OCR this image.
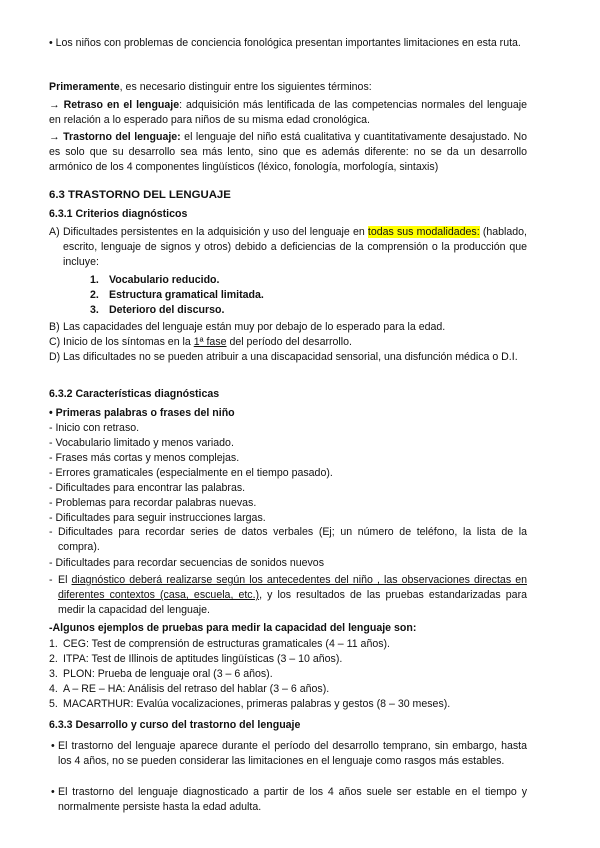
• Los niños con problemas de conciencia fonológica presentan importantes limitaciones en esta ruta.

Primeramente, es necesario distinguir entre los siguientes términos:

→ Retraso en el lenguaje: adquisición más lentificada de las competencias normales del lenguaje en relación a lo esperado para niños de su misma edad cronológica.

→ Trastorno del lenguaje: el lenguaje del niño está cualitativa y cuantitativamente desajustado. No es solo que su desarrollo sea más lento, sino que es además diferente: no se da un desarrollo armónico de los 4 componentes lingüísticos (léxico, fonología, morfología, sintaxis)

6.3 TRASTORNO DEL LENGUAJE

6.3.1 Criterios diagnósticos

A) Dificultades persistentes en la adquisición y uso del lenguaje en todas sus modalidades: (hablado, escrito, lenguaje de signos y otros) debido a deficiencias de la comprensión o la producción que incluye:

1. Vocabulario reducido.
2. Estructura gramatical limitada.
3. Deterioro del discurso.
B) Las capacidades del lenguaje están muy por debajo de lo esperado para la edad.

C) Inicio de los síntomas en la 1ª fase del período del desarrollo.

D) Las dificultades no se pueden atribuir a una discapacidad sensorial, una disfunción médica o D.I.

6.3.2 Características diagnósticas

• Primeras palabras o frases del niño

- Inicio con retraso.

- Vocabulario limitado y menos variado.

- Frases más cortas y menos complejas.

- Errores gramaticales (especialmente en el tiempo pasado).

- Dificultades para encontrar las palabras.

- Problemas para recordar palabras nuevas.

- Dificultades para seguir instrucciones largas.

- Dificultades para recordar series de datos verbales (Ej; un número de teléfono, la lista de la compra).

- Dificultades para recordar secuencias de sonidos nuevos

- El diagnóstico deberá realizarse según los antecedentes del niño , las observaciones directas en diferentes contextos (casa, escuela, etc.), y los resultados de las pruebas estandarizadas para medir la capacidad del lenguaje.

-Algunos ejemplos de pruebas para medir la capacidad del lenguaje son:

1. CEG: Test de comprensión de estructuras gramaticales (4 – 11 años).
2. ITPA: Test de Illinois de aptitudes lingüísticas (3 – 10 años).
3. PLON: Prueba de lenguaje oral (3 – 6 años).
4. A – RE – HA: Análisis del retraso del hablar (3 – 6 años).
5. MACARTHUR: Evalúa vocalizaciones, primeras palabras y gestos (8 – 30 meses).

6.3.3 Desarrollo y curso del trastorno del lenguaje

• El trastorno del lenguaje aparece durante el período del desarrollo temprano, sin embargo, hasta los 4 años, no se pueden considerar las limitaciones en el lenguaje como rasgos más estables.

• El trastorno del lenguaje diagnosticado a partir de los 4 años suele ser estable en el tiempo y normalmente persiste hasta la edad adulta.
